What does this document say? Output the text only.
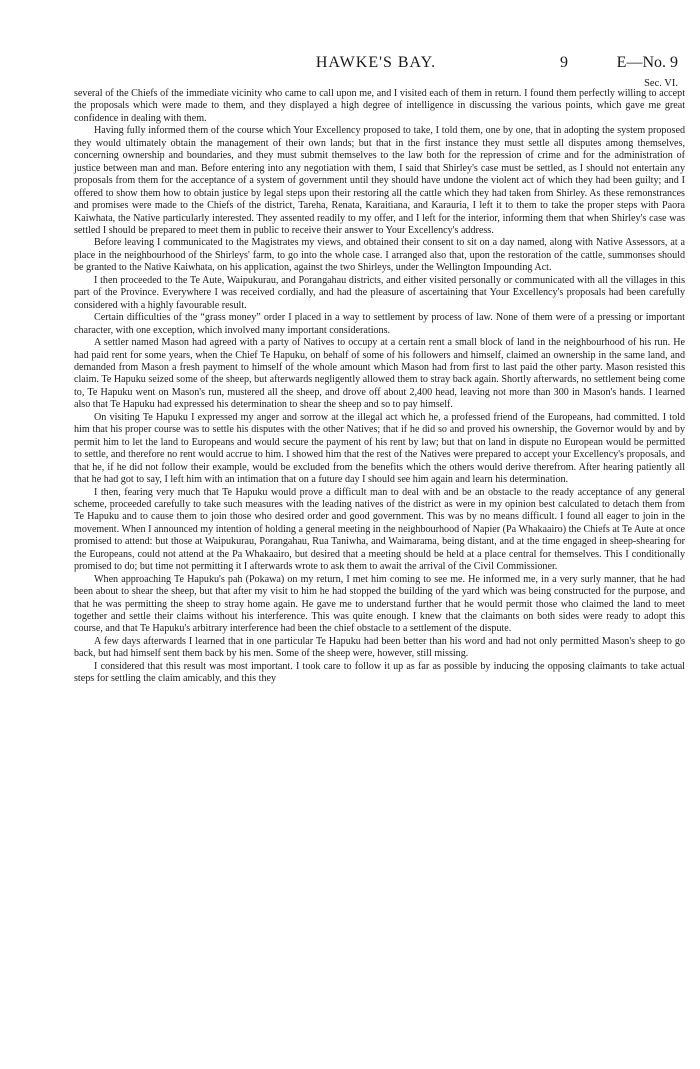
HAWKE'S BAY.	9	E—No. 9
Sec. VI.

several of the Chiefs of the immediate vicinity who came to call upon me, and I visited each of them in return. I found them perfectly willing to accept the proposals which were made to them, and they displayed a high degree of intelligence in discussing the various points, which gave me great confidence in dealing with them.

Having fully informed them of the course which Your Excellency proposed to take, I told them, one by one, that in adopting the system proposed they would ultimately obtain the management of their own lands; but that in the first instance they must settle all disputes among themselves, concerning ownership and boundaries, and they must submit themselves to the law both for the repression of crime and for the administration of justice between man and man. Before entering into any negotiation with them, I said that Shirley's case must be settled, as I should not entertain any proposals from them for the acceptance of a system of government until they should have undone the violent act of which they had been guilty; and I offered to show them how to obtain justice by legal steps upon their restoring all the cattle which they had taken from Shirley. As these remonstrances and promises were made to the Chiefs of the district, Tareha, Renata, Karaitiana, and Karauria, I left it to them to take the proper steps with Paora Kaiwhata, the Native particularly interested. They assented readily to my offer, and I left for the interior, informing them that when Shirley's case was settled I should be prepared to meet them in public to receive their answer to Your Excellency's address.

Before leaving I communicated to the Magistrates my views, and obtained their consent to sit on a day named, along with Native Assessors, at a place in the neighbourhood of the Shirleys' farm, to go into the whole case. I arranged also that, upon the restoration of the cattle, summonses should be granted to the Native Kaiwhata, on his application, against the two Shirleys, under the Wellington Impounding Act.

I then proceeded to the Te Aute, Waipukurau, and Porangahau districts, and either visited personally or communicated with all the villages in this part of the Province. Everywhere I was received cordially, and had the pleasure of ascertaining that Your Excellency's proposals had been carefully considered with a highly favourable result.

Certain difficulties of the “grass money” order I placed in a way to settlement by process of law. None of them were of a pressing or important character, with one exception, which involved many important considerations.

A settler named Mason had agreed with a party of Natives to occupy at a certain rent a small block of land in the neighbourhood of his run. He had paid rent for some years, when the Chief Te Hapuku, on behalf of some of his followers and himself, claimed an ownership in the same land, and demanded from Mason a fresh payment to himself of the whole amount which Mason had from first to last paid the other party. Mason resisted this claim. Te Hapuku seized some of the sheep, but afterwards negligently allowed them to stray back again. Shortly afterwards, no settlement being come to, Te Hapuku went on Mason's run, mustered all the sheep, and drove off about 2,400 head, leaving not more than 300 in Mason's hands. I learned also that Te Hapuku had expressed his determination to shear the sheep and so to pay himself.

On visiting Te Hapuku I expressed my anger and sorrow at the illegal act which he, a professed friend of the Europeans, had committed. I told him that his proper course was to settle his disputes with the other Natives; that if he did so and proved his ownership, the Governor would by and by permit him to let the land to Europeans and would secure the payment of his rent by law; but that on land in dispute no European would be permitted to settle, and therefore no rent would accrue to him. I showed him that the rest of the Natives were prepared to accept your Excellency's proposals, and that he, if he did not follow their example, would be excluded from the benefits which the others would derive therefrom. After hearing patiently all that he had got to say, I left him with an intimation that on a future day I should see him again and learn his determination.

I then, fearing very much that Te Hapuku would prove a difficult man to deal with and be an obstacle to the ready acceptance of any general scheme, proceeded carefully to take such measures with the leading natives of the district as were in my opinion best calculated to detach them from Te Hapuku and to cause them to join those who desired order and good government. This was by no means difficult. I found all eager to join in the movement. When I announced my intention of holding a general meeting in the neighbourhood of Napier (Pa Whakaairo) the Chiefs at Te Aute at once promised to attend: but those at Waipukurau, Porangahau, Rua Taniwha, and Waimarama, being distant, and at the time engaged in sheep-shearing for the Europeans, could not attend at the Pa Whakaairo, but desired that a meeting should be held at a place central for themselves. This I conditionally promised to do; but time not permitting it I afterwards wrote to ask them to await the arrival of the Civil Commissioner.

When approaching Te Hapuku's pah (Pokawa) on my return, I met him coming to see me. He informed me, in a very surly manner, that he had been about to shear the sheep, but that after my visit to him he had stopped the building of the yard which was being constructed for the purpose, and that he was permitting the sheep to stray home again. He gave me to understand further that he would permit those who claimed the land to meet together and settle their claims without his interference. This was quite enough. I knew that the claimants on both sides were ready to adopt this course, and that Te Hapuku's arbitrary interference had been the chief obstacle to a settlement of the dispute.

A few days afterwards I learned that in one particular Te Hapuku had been better than his word and had not only permitted Mason's sheep to go back, but had himself sent them back by his men. Some of the sheep were, however, still missing.

I considered that this result was most important. I took care to follow it up as far as possible by inducing the opposing claimants to take actual steps for settling the claim amicably, and this they
